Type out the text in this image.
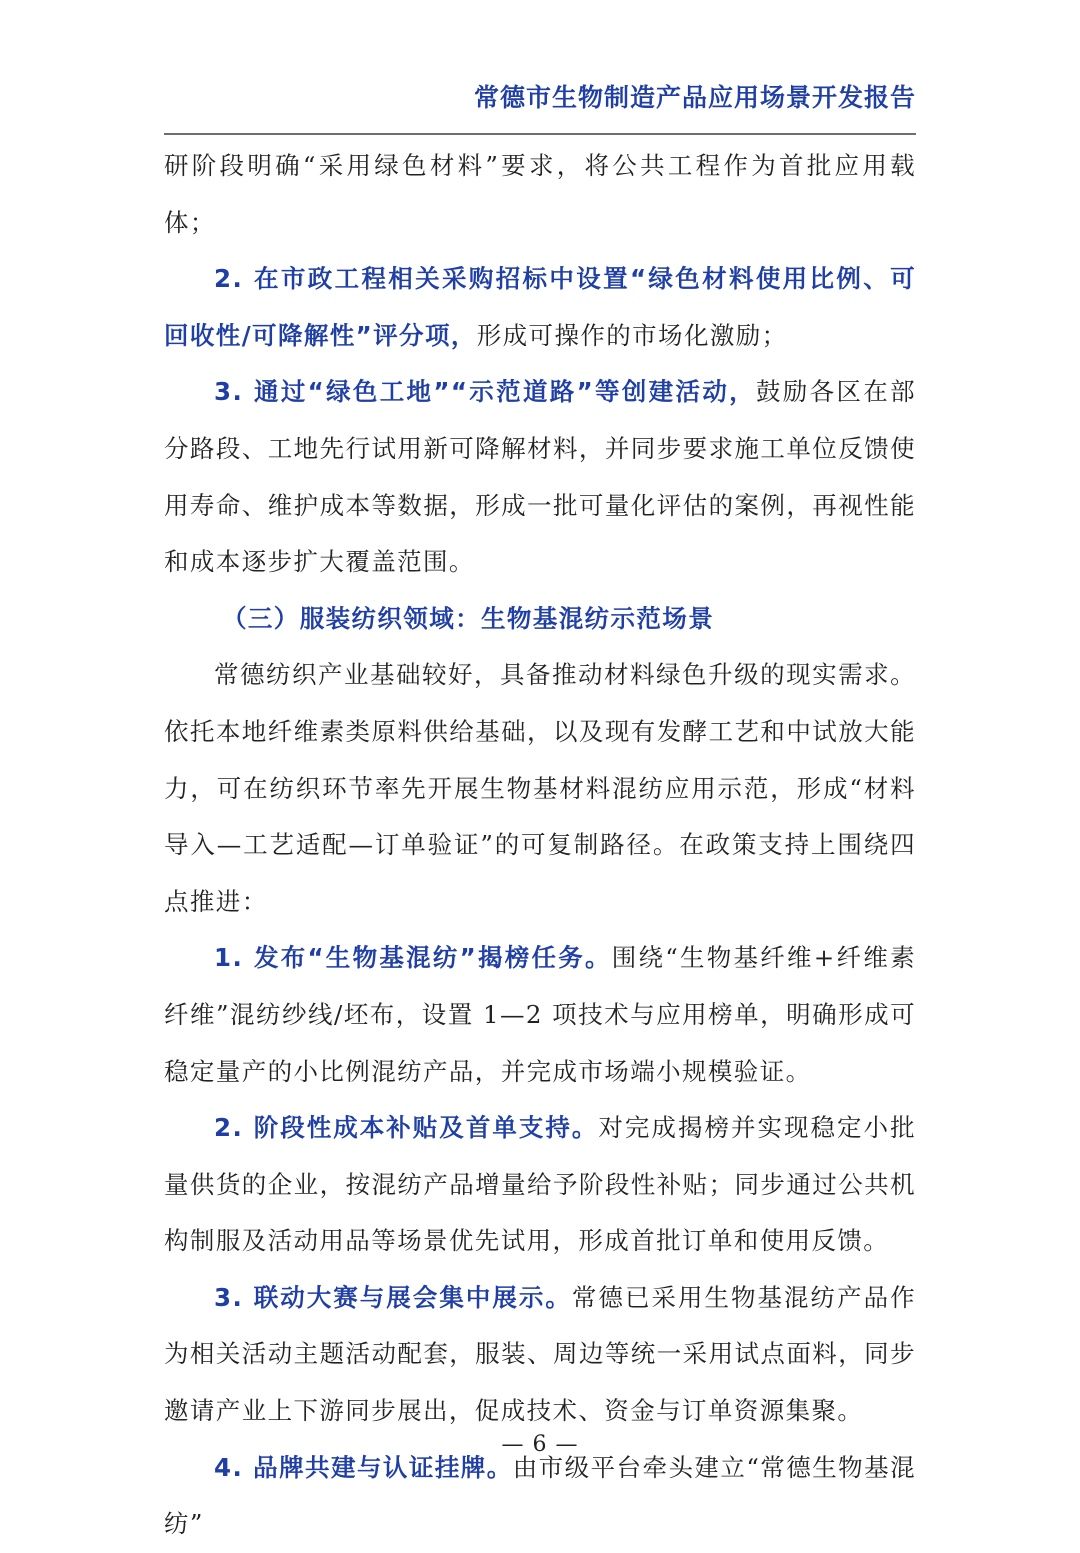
常德市生物制造产品应用场景开发报告

研阶段明确“采用绿色材料”要求，将公共工程作为首批应用载体；

2. 在市政工程相关采购招标中设置“绿色材料使用比例、可回收性/可降解性”评分项，形成可操作的市场化激励；

3. 通过“绿色工地”“示范道路”等创建活动，鼓励各区在部分路段、工地先行试用新可降解材料，并同步要求施工单位反馈使用寿命、维护成本等数据，形成一批可量化评估的案例，再视性能和成本逐步扩大覆盖范围。

（三）服装纺织领域：生物基混纺示范场景

常德纺织产业基础较好，具备推动材料绿色升级的现实需求。依托本地纤维素类原料供给基础，以及现有发酵工艺和中试放大能力，可在纺织环节率先开展生物基材料混纺应用示范，形成“材料导入—工艺适配—订单验证”的可复制路径。在政策支持上围绕四点推进：

1. 发布“生物基混纺”揭榜任务。围绕“生物基纤维+纤维素纤维”混纺纱线/坯布，设置 1—2 项技术与应用榜单，明确形成可稳定量产的小比例混纺产品，并完成市场端小规模验证。

2. 阶段性成本补贴及首单支持。对完成揭榜并实现稳定小批量供货的企业，按混纺产品增量给予阶段性补贴；同步通过公共机构制服及活动用品等场景优先试用，形成首批订单和使用反馈。

3. 联动大赛与展会集中展示。常德已采用生物基混纺产品作为相关活动主题活动配套，服装、周边等统一采用试点面料，同步邀请产业上下游同步展出，促成技术、资金与订单资源集聚。

4. 品牌共建与认证挂牌。由市级平台牵头建立“常德生物基混纺”

— 6 —
